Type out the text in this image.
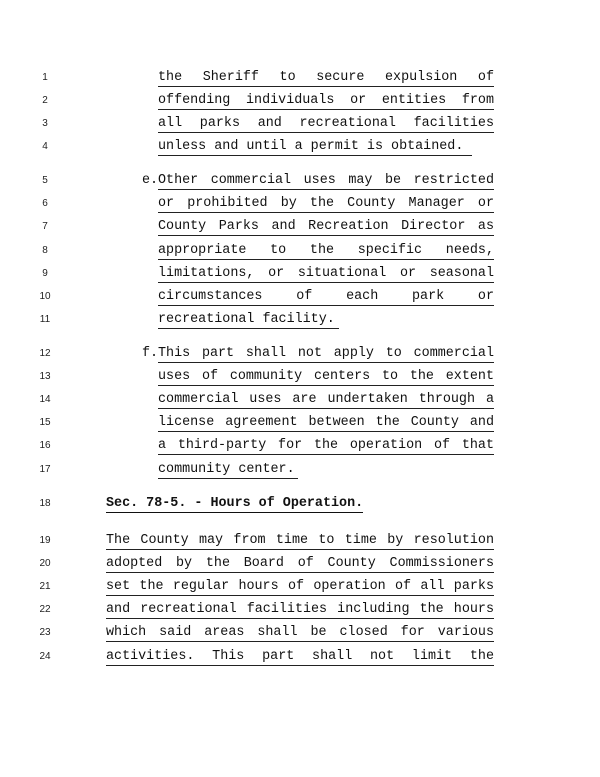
1
2
3
4
5
6
7
8
9
10
11
12
13
14
15
16
17
18
19
20
21
22
23
24
the Sheriff to secure expulsion of
offending individuals or entities from
all parks and recreational facilities
unless and until a permit is obtained.
e. Other commercial uses may be restricted
or prohibited by the County Manager or
County Parks and Recreation Director as
appropriate to the specific needs,
limitations, or situational or seasonal
circumstances of each park or
recreational facility.
f. This part shall not apply to commercial
uses of community centers to the extent
commercial uses are undertaken through a
license agreement between the County and
a third-party for the operation of that
community center.
Sec. 78-5. - Hours of Operation.
The County may from time to time by resolution
adopted by the Board of County Commissioners
set the regular hours of operation of all parks
and recreational facilities including the hours
which said areas shall be closed for various
activities. This part shall not limit the
